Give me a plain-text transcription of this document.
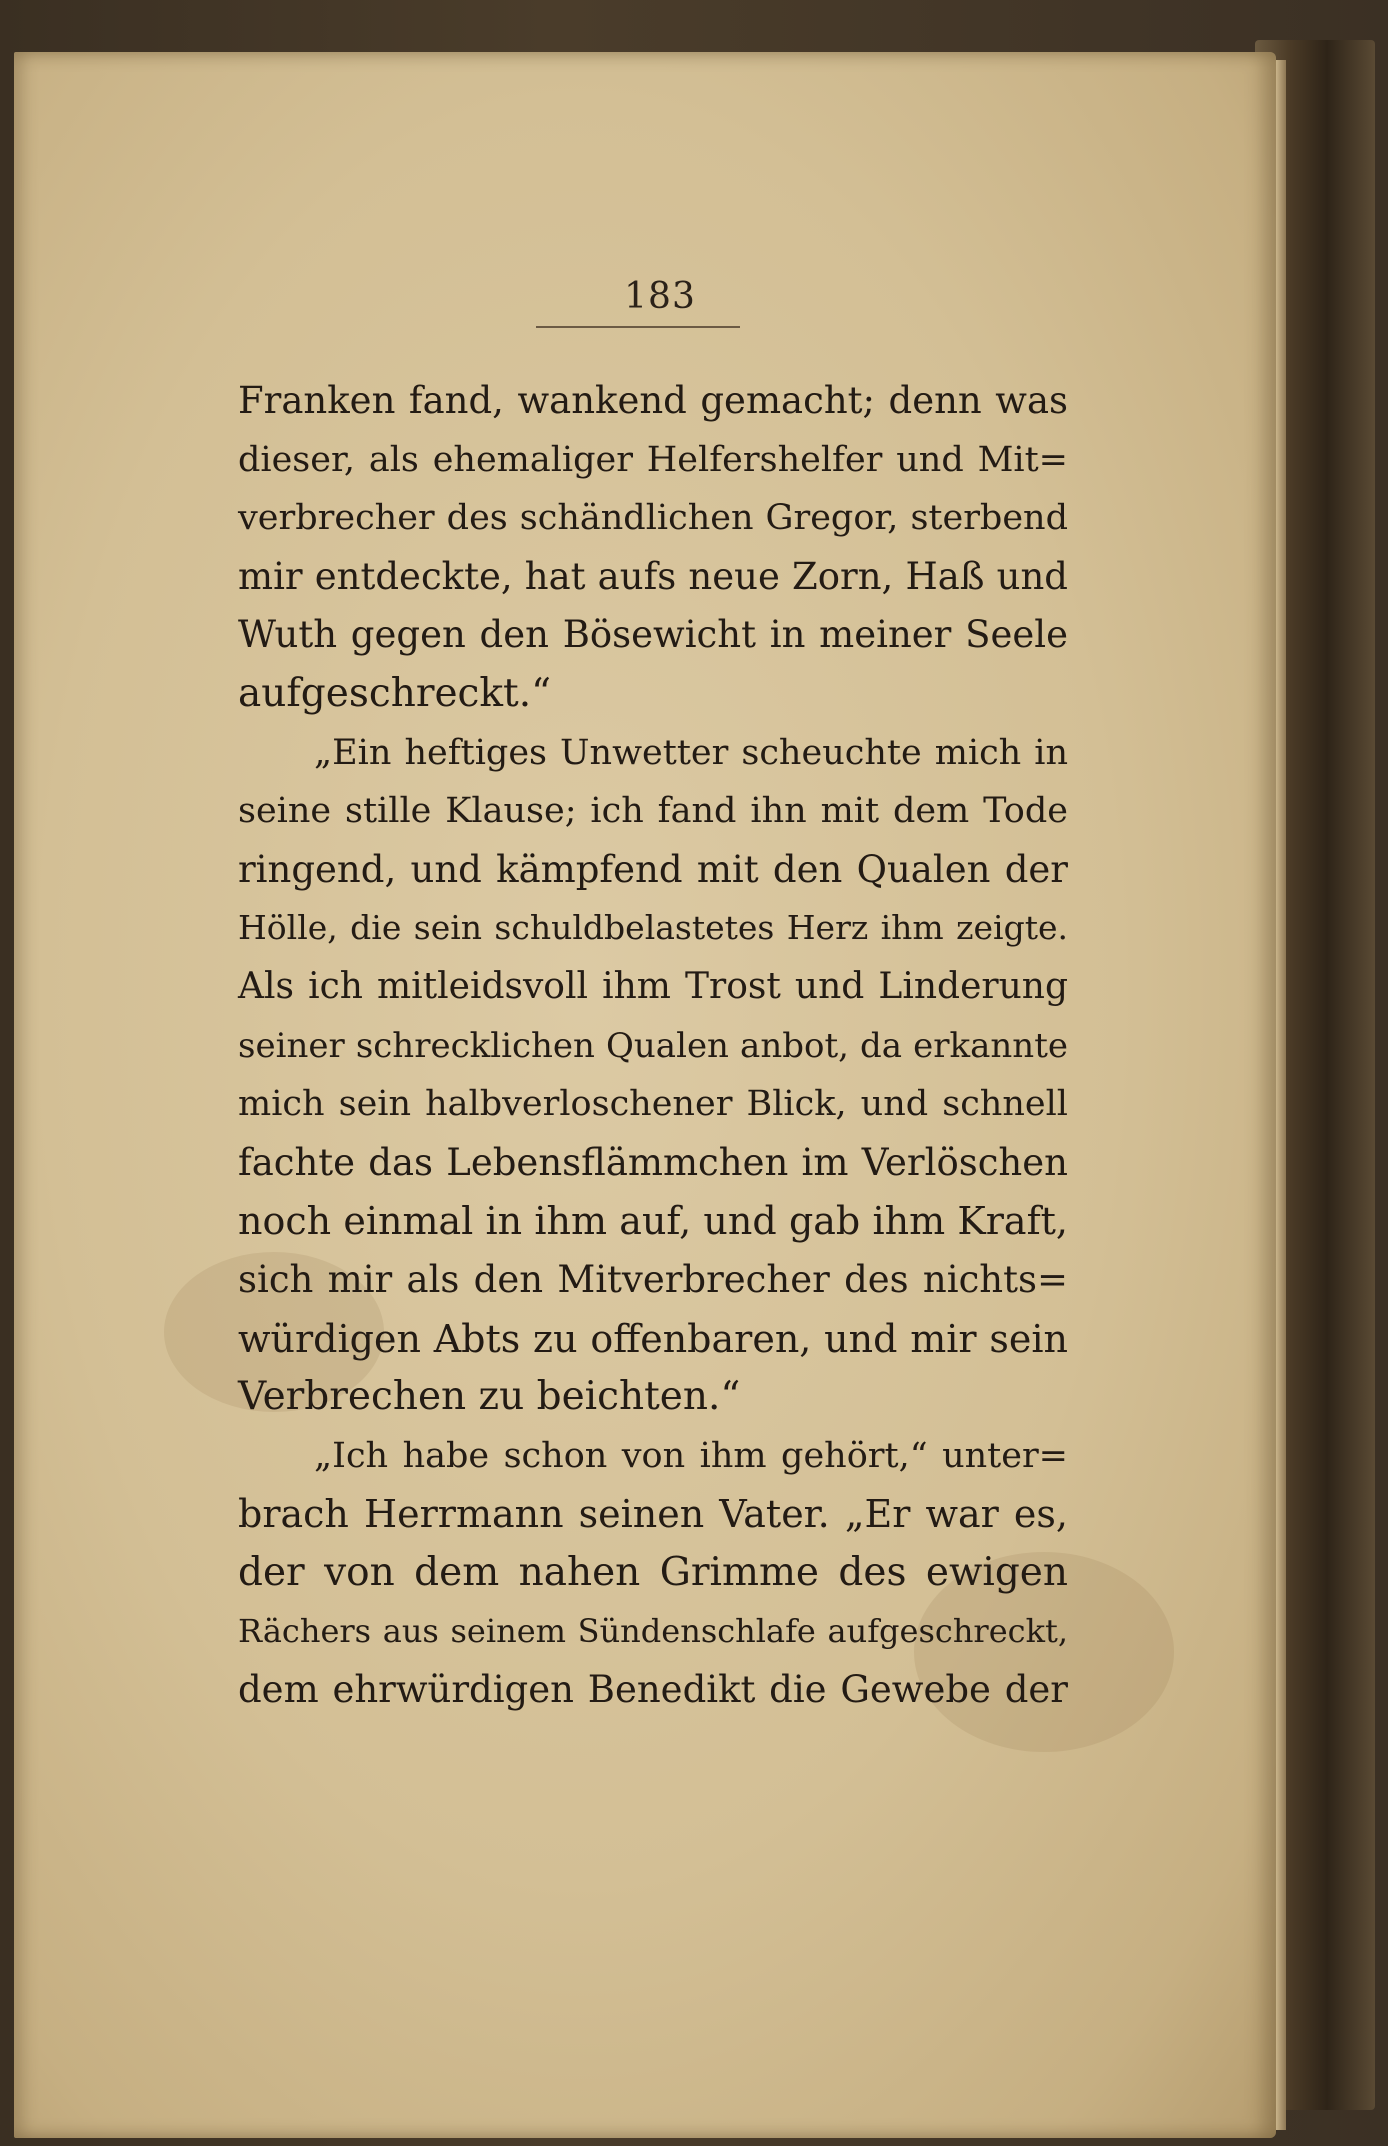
183
Franken fand, wankend gemacht; denn was
dieser, als ehemaliger Helfershelfer und Mit=
verbrecher des schändlichen Gregor, sterbend
mir entdeckte, hat aufs neue Zorn, Haß und
Wuth gegen den Bösewicht in meiner Seele
aufgeschreckt.“
„Ein heftiges Unwetter scheuchte mich in
seine stille Klause; ich fand ihn mit dem Tode
ringend, und kämpfend mit den Qualen der
Hölle, die sein schuldbelastetes Herz ihm zeigte.
Als ich mitleidsvoll ihm Trost und Linderung
seiner schrecklichen Qualen anbot, da erkannte
mich sein halbverloschener Blick, und schnell
fachte das Lebensflämmchen im Verlöschen
noch einmal in ihm auf, und gab ihm Kraft,
sich mir als den Mitverbrecher des nichts=
würdigen Abts zu offenbaren, und mir sein
Verbrechen zu beichten.“
„Ich habe schon von ihm gehört,“ unter=
brach Herrmann seinen Vater. „Er war es,
der von dem nahen Grimme des ewigen
Rächers aus seinem Sündenschlafe aufgeschreckt,
dem ehrwürdigen Benedikt die Gewebe der
